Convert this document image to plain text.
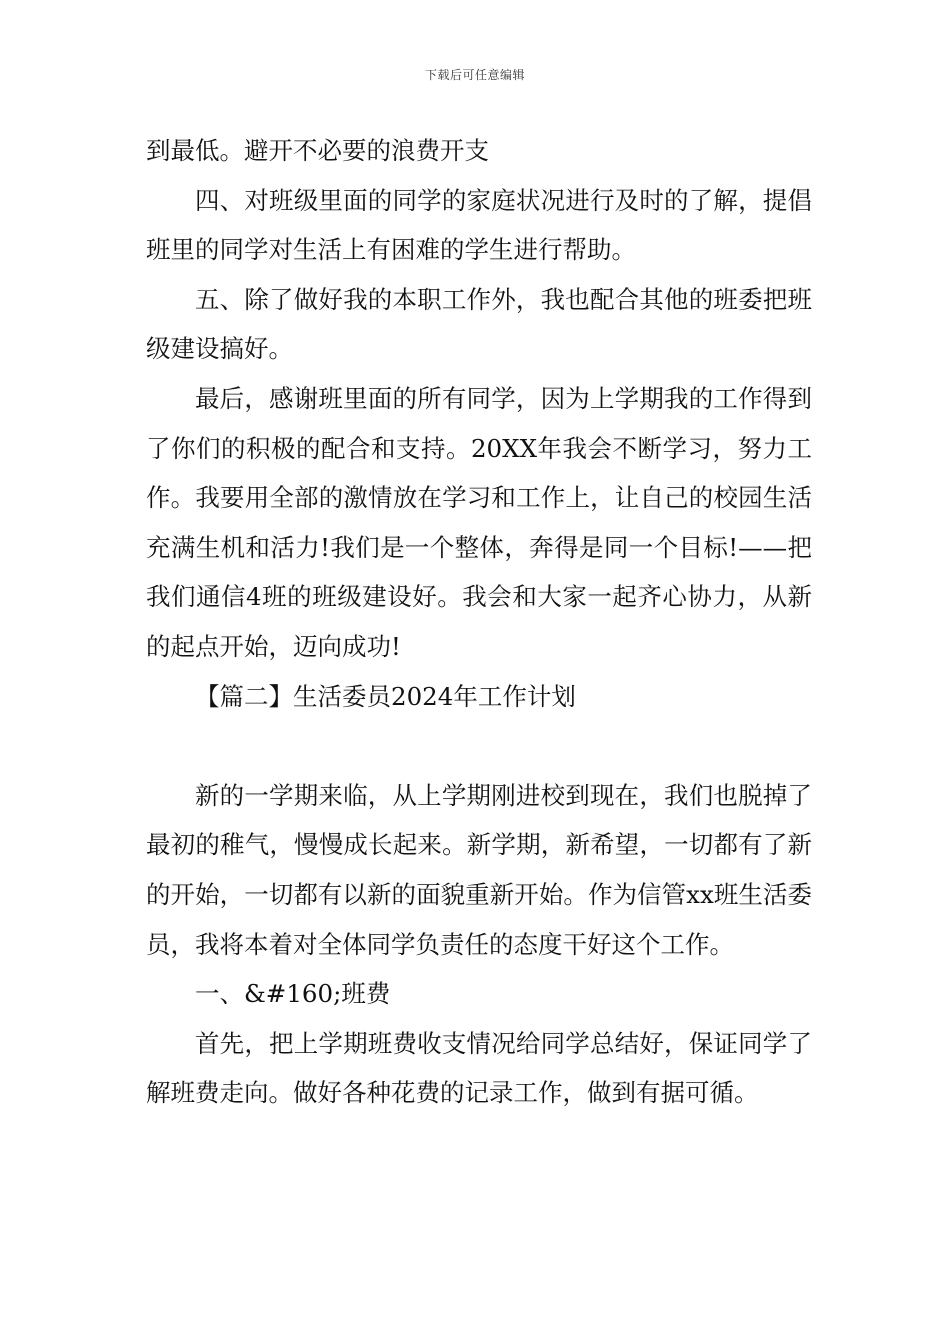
下载后可任意编辑

到最低。避开不必要的浪费开支

四、对班级里面的同学的家庭状况进行及时的了解，提倡班里的同学对生活上有困难的学生进行帮助。

五、除了做好我的本职工作外，我也配合其他的班委把班级建设搞好。

最后，感谢班里面的所有同学，因为上学期我的工作得到了你们的积极的配合和支持。20XX年我会不断学习，努力工作。我要用全部的激情放在学习和工作上，让自己的校园生活充满生机和活力!我们是一个整体，奔得是同一个目标!——把我们通信4班的班级建设好。我会和大家一起齐心协力，从新的起点开始，迈向成功!

【篇二】生活委员2024年工作计划

新的一学期来临，从上学期刚进校到现在，我们也脱掉了最初的稚气，慢慢成长起来。新学期，新希望，一切都有了新的开始，一切都有以新的面貌重新开始。作为信管xx班生活委员，我将本着对全体同学负责任的态度干好这个工作。

一、&#160;班费

首先，把上学期班费收支情况给同学总结好，保证同学了解班费走向。做好各种花费的记录工作，做到有据可循。
